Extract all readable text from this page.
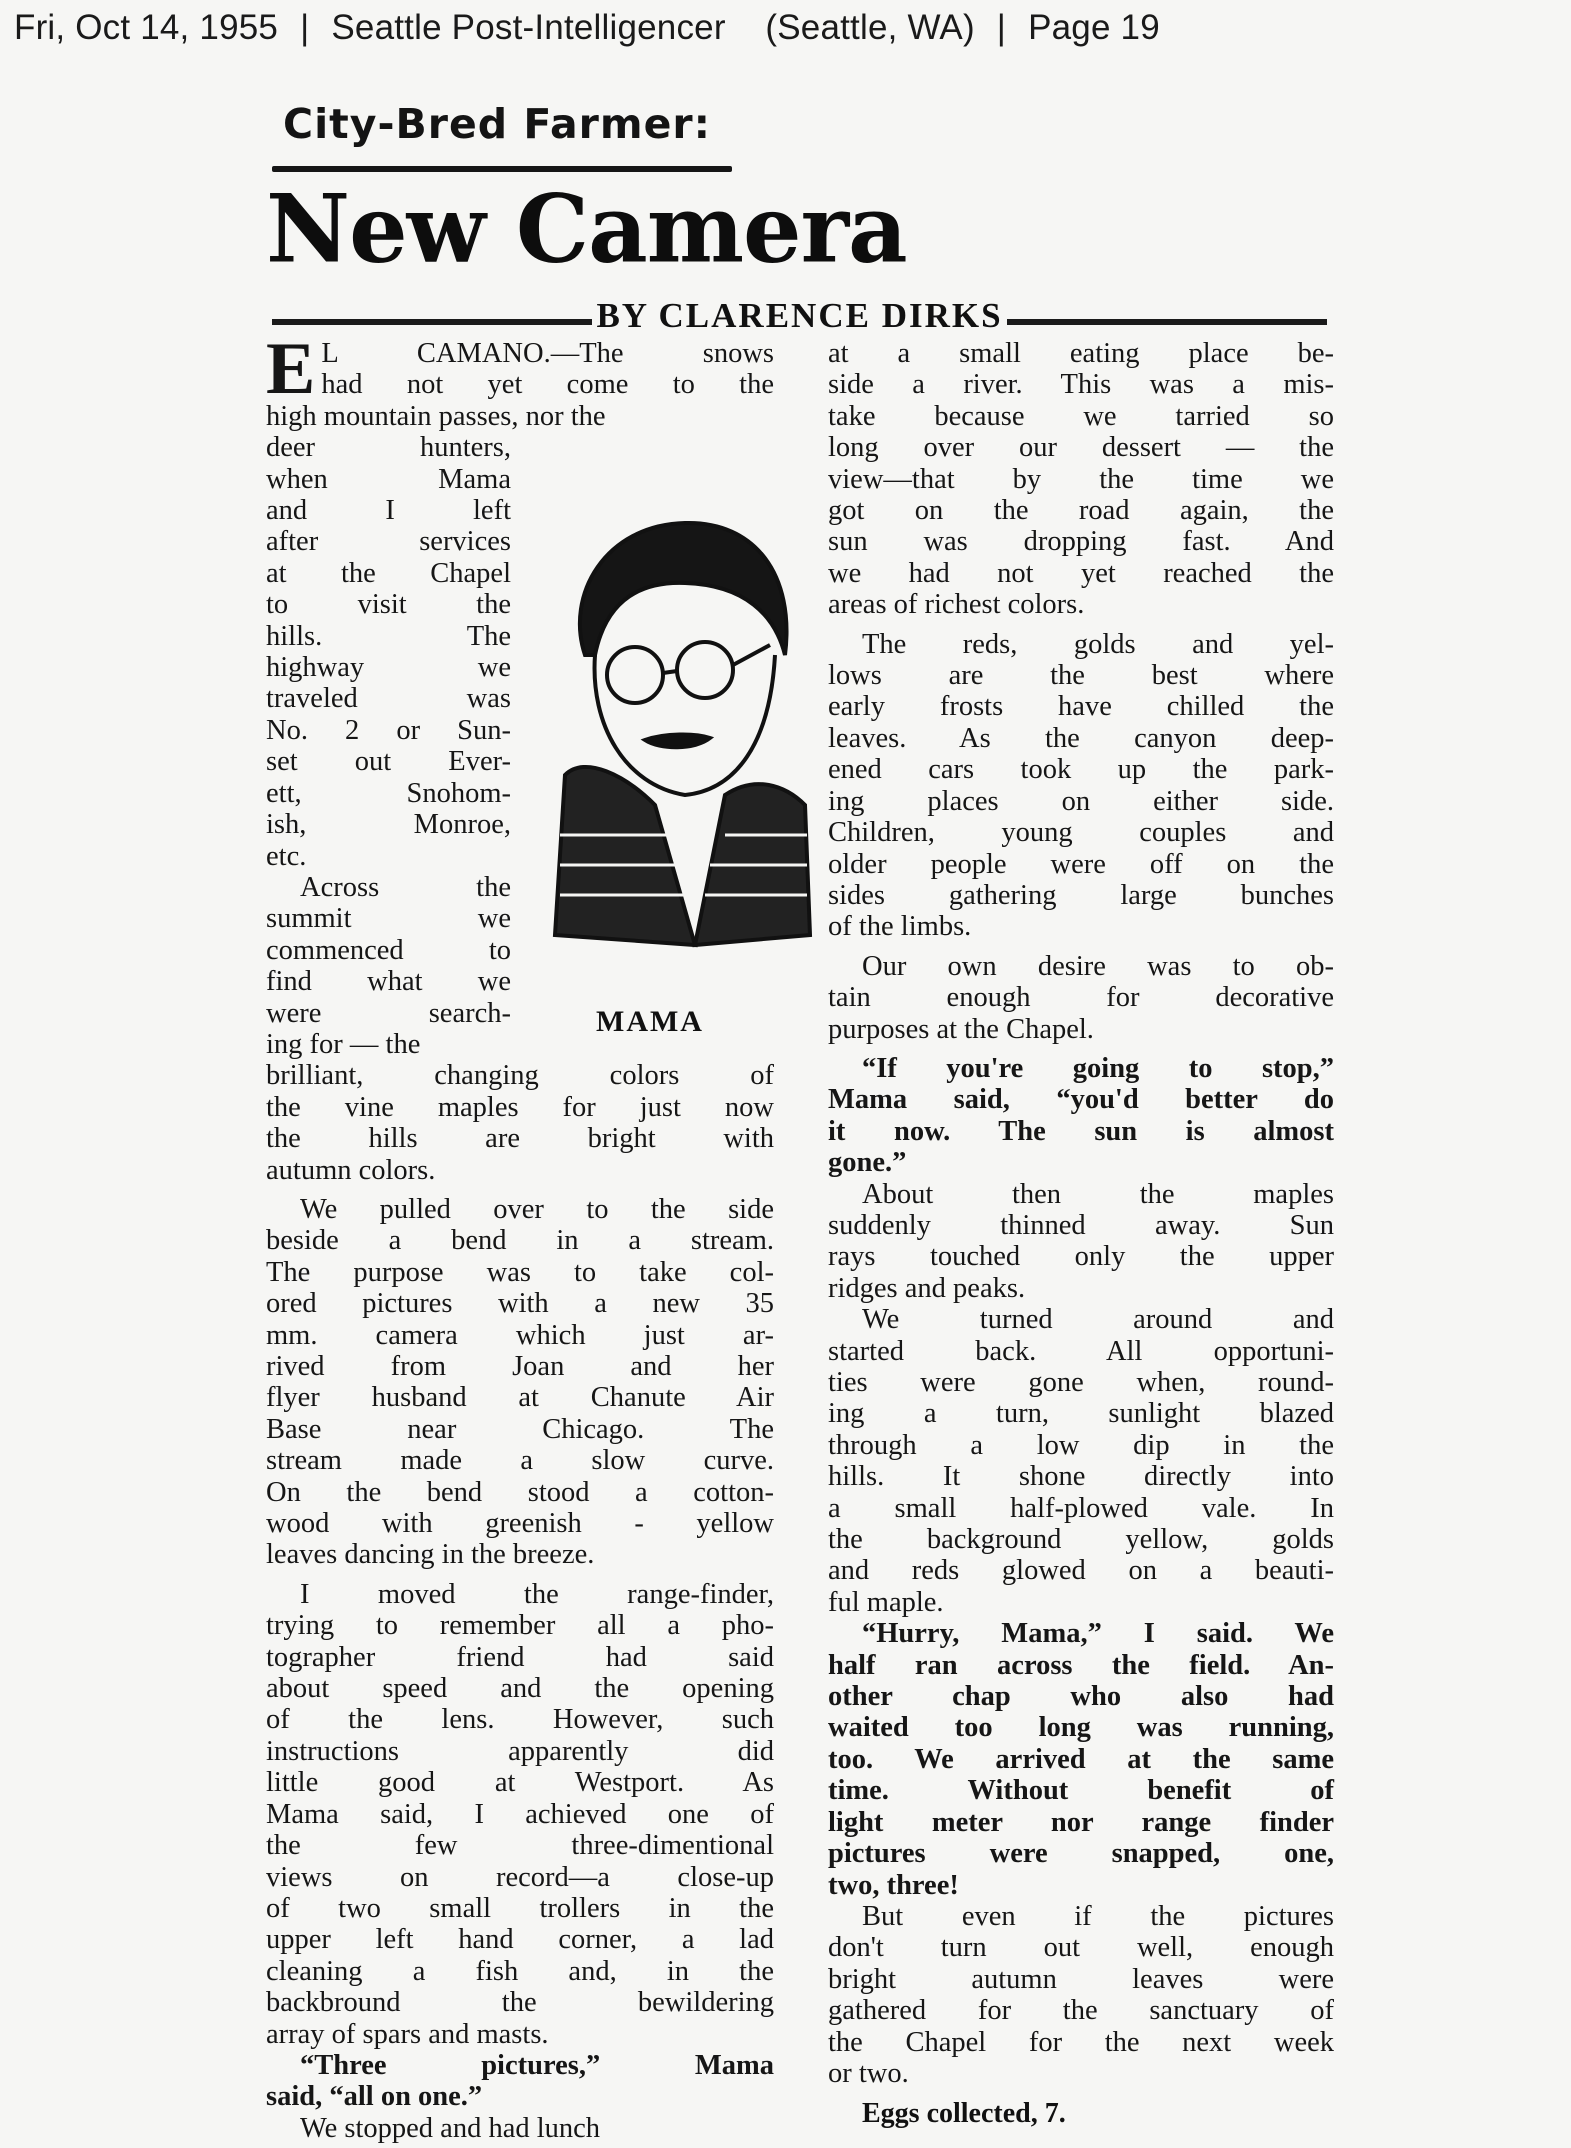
Fri, Oct 14, 1955 | Seattle Post-Intelligencer (Seattle, WA) | Page 19
City-Bred Farmer:
New Camera
BY CLARENCE DIRKS
E L CAMANO.—The snows

had not yet come to the

high mountain passes, nor the

deer hunters,

when Mama

and I left

after services

at the Chapel

to visit the

hills. The

highway we

traveled was

No. 2 or Sun-

set out Ever-

ett, Snohom-

ish, Monroe,

etc.

Across the

summit we

commenced to

find what we

were search-

ing for — the

brilliant, changing colors of

the vine maples for just now

the hills are bright with

autumn colors.

We pulled over to the side

beside a bend in a stream.

The purpose was to take col-

ored pictures with a new 35

mm. camera which just ar-

rived from Joan and her

flyer husband at Chanute Air

Base near Chicago. The

stream made a slow curve.

On the bend stood a cotton-

wood with greenish - yellow

leaves dancing in the breeze.

I moved the range-finder,

trying to remember all a pho-

tographer friend had said

about speed and the opening

of the lens. However, such

instructions apparently did

little good at Westport. As

Mama said, I achieved one of

the few three-dimentional

views on record—a close-up

of two small trollers in the

upper left hand corner, a lad

cleaning a fish and, in the

backbround the bewildering

array of spars and masts.

“Three pictures,” Mama

said, “all on one.”

We stopped and had lunch

MAMA

at a small eating place be-

side a river. This was a mis-

take because we tarried so

long over our dessert — the

view—that by the time we

got on the road again, the

sun was dropping fast. And

we had not yet reached the

areas of richest colors.

The reds, golds and yel-

lows are the best where

early frosts have chilled the

leaves. As the canyon deep-

ened cars took up the park-

ing places on either side.

Children, young couples and

older people were off on the

sides gathering large bunches

of the limbs.

Our own desire was to ob-

tain enough for decorative

purposes at the Chapel.

“If you're going to stop,”

Mama said, “you'd better do

it now. The sun is almost

gone.”

About then the maples

suddenly thinned away. Sun

rays touched only the upper

ridges and peaks.

We turned around and

started back. All opportuni-

ties were gone when, round-

ing a turn, sunlight blazed

through a low dip in the

hills. It shone directly into

a small half-plowed vale. In

the background yellow, golds

and reds glowed on a beauti-

ful maple.

“Hurry, Mama,” I said. We

half ran across the field. An-

other chap who also had

waited too long was running,

too. We arrived at the same

time. Without benefit of

light meter nor range finder

pictures were snapped, one,

two, three!

But even if the pictures

don't turn out well, enough

bright autumn leaves were

gathered for the sanctuary of

the Chapel for the next week

or two.

Eggs collected, 7.
